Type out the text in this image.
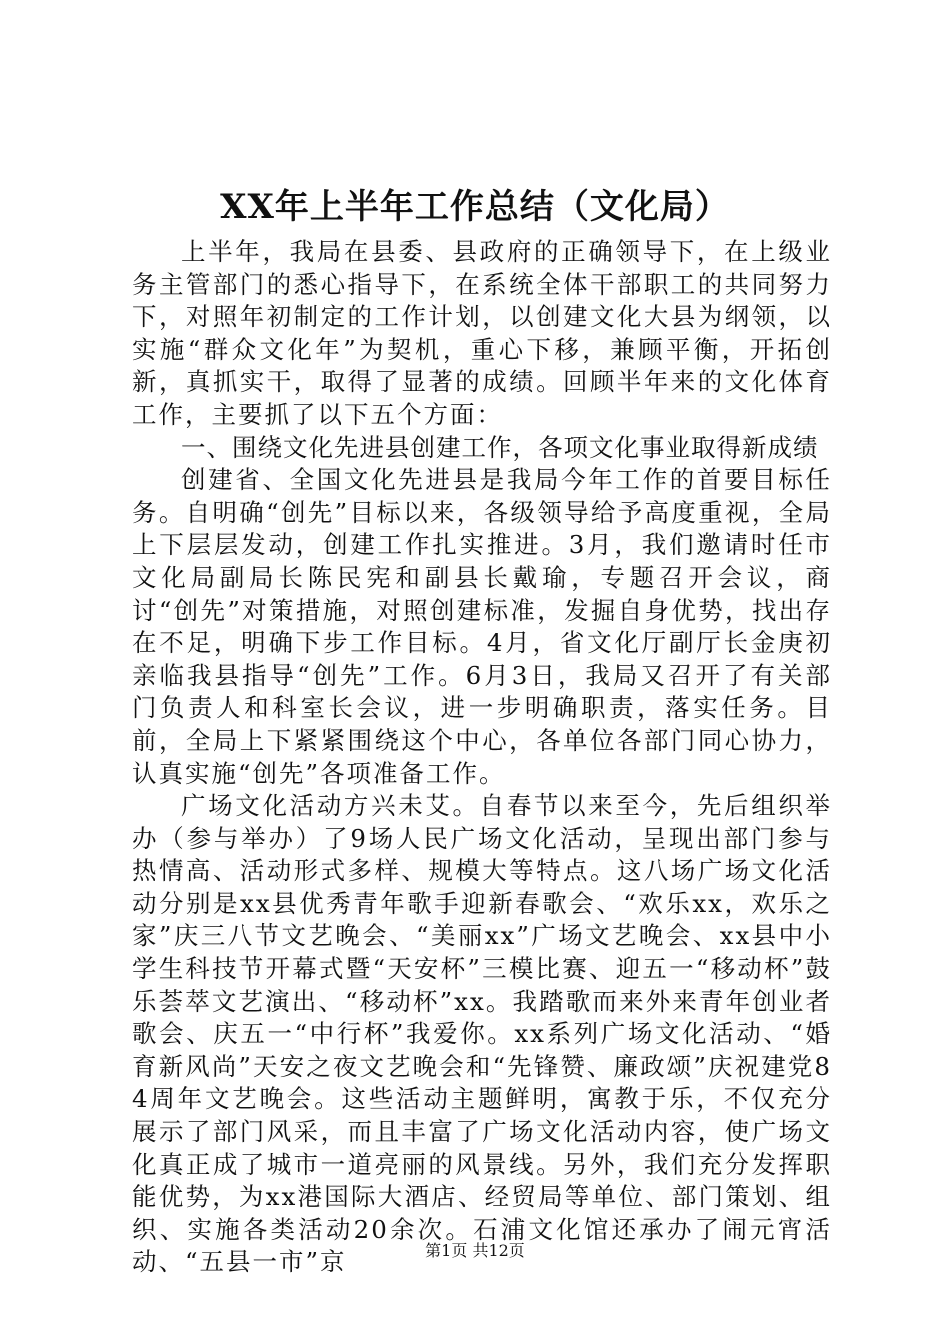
XX年上半年工作总结（文化局）

上半年，我局在县委、县政府的正确领导下，在上级业务主管部门的悉心指导下，在系统全体干部职工的共同努力下，对照年初制定的工作计划，以创建文化大县为纲领，以实施“群众文化年”为契机，重心下移，兼顾平衡，开拓创新，真抓实干，取得了显著的成绩。回顾半年来的文化体育工作，主要抓了以下五个方面：

一、围绕文化先进县创建工作，各项文化事业取得新成绩

创建省、全国文化先进县是我局今年工作的首要目标任务。自明确“创先”目标以来，各级领导给予高度重视，全局上下层层发动，创建工作扎实推进。3月，我们邀请时任市文化局副局长陈民宪和副县长戴瑜，专题召开会议，商讨“创先”对策措施，对照创建标准，发掘自身优势，找出存在不足，明确下步工作目标。4月，省文化厅副厅长金庚初亲临我县指导“创先”工作。6月3日，我局又召开了有关部门负责人和科室长会议，进一步明确职责，落实任务。目前，全局上下紧紧围绕这个中心，各单位各部门同心协力，认真实施“创先”各项准备工作。

广场文化活动方兴未艾。自春节以来至今，先后组织举办（参与举办）了9场人民广场文化活动，呈现出部门参与热情高、活动形式多样、规模大等特点。这八场广场文化活动分别是xx县优秀青年歌手迎新春歌会、“欢乐xx，欢乐之家”庆三八节文艺晚会、“美丽xx”广场文艺晚会、xx县中小学生科技节开幕式暨“天安杯”三模比赛、迎五一“移动杯”鼓乐荟萃文艺演出、“移动杯”xx。我踏歌而来外来青年创业者歌会、庆五一“中行杯”我爱你。xx系列广场文化活动、“婚育新风尚”天安之夜文艺晚会和“先锋赞、廉政颂”庆祝建党84周年文艺晚会。这些活动主题鲜明，寓教于乐，不仅充分展示了部门风采，而且丰富了广场文化活动内容，使广场文化真正成了城市一道亮丽的风景线。另外，我们充分发挥职能优势，为xx港国际大酒店、经贸局等单位、部门策划、组织、实施各类活动20余次。石浦文化馆还承办了闹元宵活动、“五县一市”京	第1页 共12页
